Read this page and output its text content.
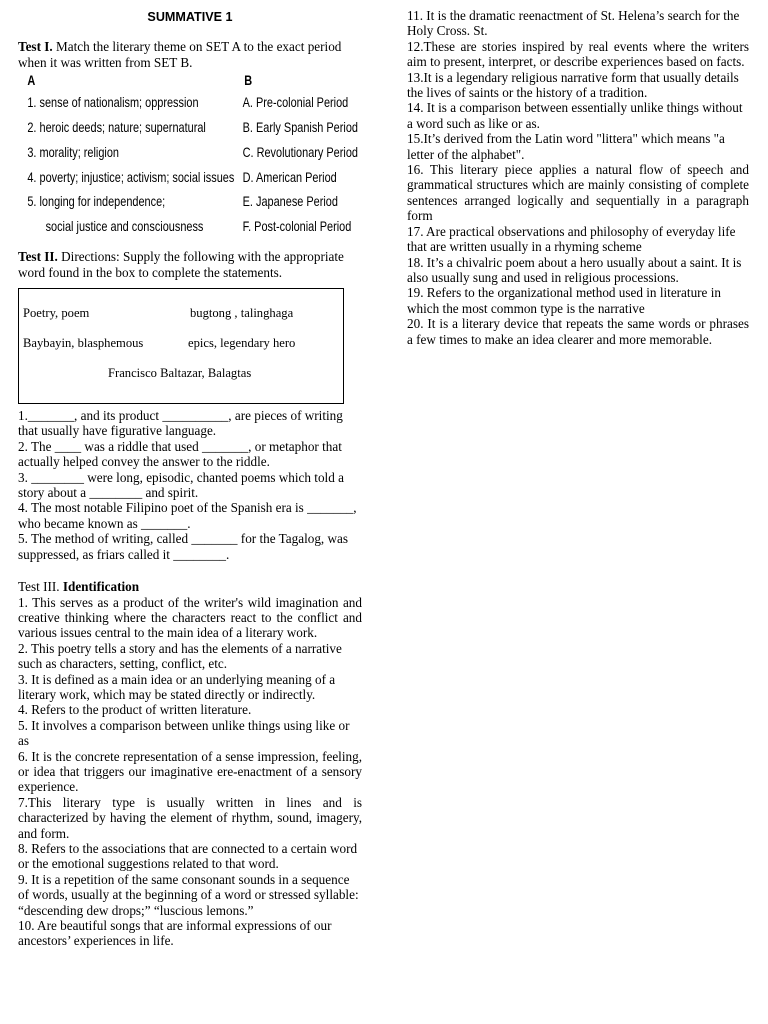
SUMMATIVE 1

Test I. Match the literary theme on SET A to the exact period when it was written from SET B.

A	B
1. sense of nationalism; oppression	A. Pre-colonial Period
2. heroic deeds; nature; supernatural	B. Early Spanish Period
3. morality; religion	C. Revolutionary Period
4. poverty; injustice; activism; social issues D. American Period
5. longing for independence;	E. Japanese Period
social justice and consciousness	F. Post-colonial Period

Test II. Directions: Supply the following with the appropriate word found in the box to complete the statements.

Poetry, poem	bugtong , talinghaga
Baybayin, blasphemous	epics, legendary hero
Francisco Baltazar, Balagtas

1._______, and its product __________, are pieces of writing that usually have figurative language.

2. The ____ was a riddle that used _______, or metaphor that actually helped convey the answer to the riddle.

3. ________ were long, episodic, chanted poems which told a story about a ________ and spirit.

4. The most notable Filipino poet of the Spanish era is _______, who became known as _______.

5. The method of writing, called _______ for the Tagalog, was suppressed, as friars called it ________.

Test III. Identification

1. This serves as a product of the writer's wild imagination and creative thinking where the characters react to the conflict and various issues central to the main idea of a literary work.

2. This poetry tells a story and has the elements of a narrative such as characters, setting, conflict, etc.

3. It is defined as a main idea or an underlying meaning of a literary work, which may be stated directly or indirectly.

4. Refers to the product of written literature.

5. It involves a comparison between unlike things using like or as

6. It is the concrete representation of a sense impression, feeling, or idea that triggers our imaginative ere-enactment of a sensory experience.

7.This literary type is usually written in lines and is characterized by having the element of rhythm, sound, imagery, and form.

8. Refers to the associations that are connected to a certain word or the emotional suggestions related to that word.

9. It is a repetition of the same consonant sounds in a sequence of words, usually at the beginning of a word or stressed syllable: “descending dew drops;” “luscious lemons.”

10. Are beautiful songs that are informal expressions of our ancestors’ experiences in life.

11. It is the dramatic reenactment of St. Helena’s search for the Holy Cross. St.

12.These are stories inspired by real events where the writers aim to present, interpret, or describe experiences based on facts.

13.It is a legendary religious narrative form that usually details the lives of saints or the history of a tradition.

14. It is a comparison between essentially unlike things without a word such as like or as.

15.It’s derived from the Latin word "littera" which means "a

letter of the alphabet".

16. This literary piece applies a natural flow of speech and grammatical structures which are mainly consisting of complete sentences arranged logically and sequentially in a paragraph form

17. Are practical observations and philosophy of everyday life that are written usually in a rhyming scheme

18. It’s a chivalric poem about a hero usually about a saint. It is also usually sung and used in religious processions.

19. Refers to the organizational method used in literature in which the most common type is the narrative

20. It is a literary device that repeats the same words or phrases a few times to make an idea clearer and more memorable.
